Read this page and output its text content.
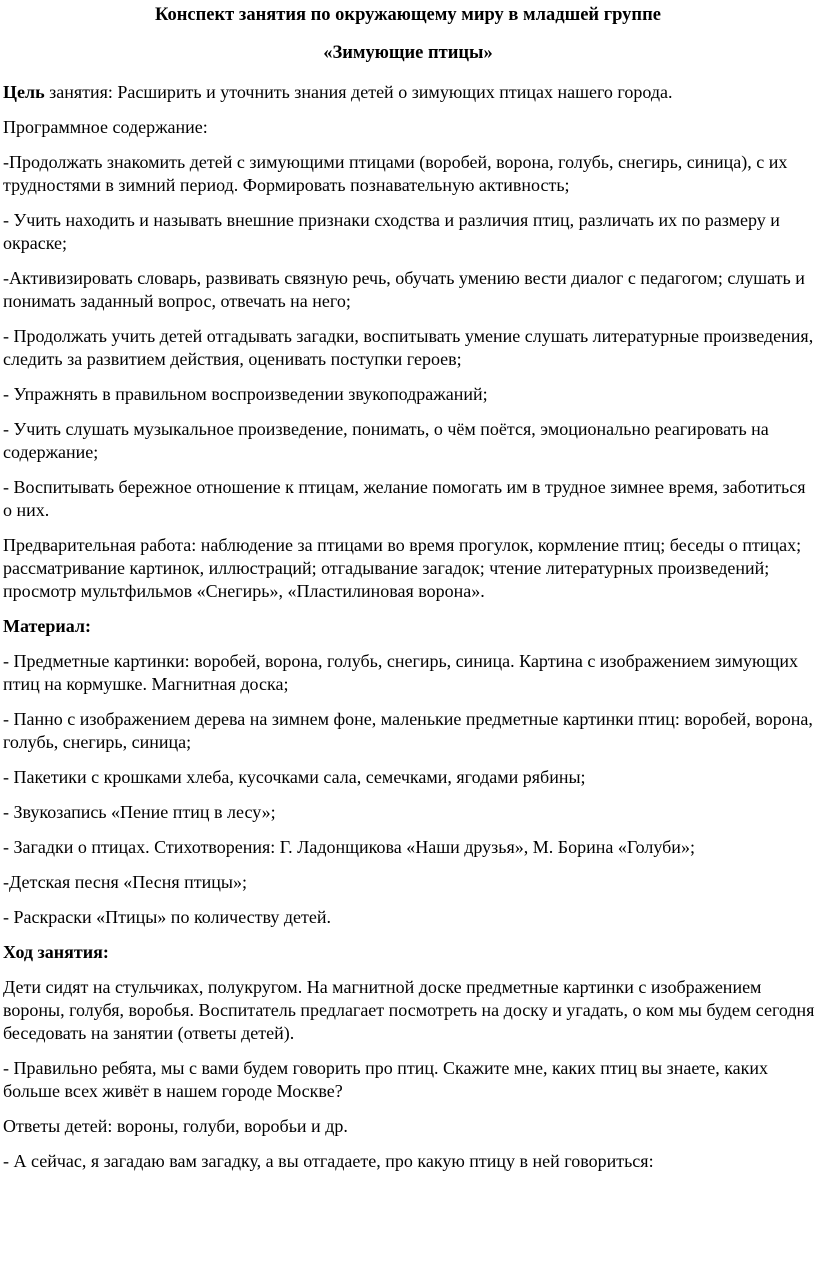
Конспект занятия по окружающему миру в младшей группе
«Зимующие птицы»

Цель занятия: Расширить и уточнить знания детей о зимующих птицах нашего города.

Программное содержание:

-Продолжать знакомить детей с зимующими птицами (воробей, ворона, голубь, снегирь, синица), с их трудностями в зимний период. Формировать познавательную активность;

- Учить находить и называть внешние признаки сходства и различия птиц, различать их по размеру и окраске;

-Активизировать словарь, развивать связную речь, обучать умению вести диалог с педагогом; слушать и понимать заданный вопрос, отвечать на него;

- Продолжать учить детей отгадывать загадки, воспитывать умение слушать литературные произведения, следить за развитием действия, оценивать поступки героев;

- Упражнять в правильном воспроизведении звукоподражаний;

- Учить слушать музыкальное произведение, понимать, о чём поётся, эмоционально реагировать на содержание;

- Воспитывать бережное отношение к птицам, желание помогать им в трудное зимнее время, заботиться о них.

Предварительная работа: наблюдение за птицами во время прогулок, кормление птиц; беседы о птицах; рассматривание картинок, иллюстраций; отгадывание загадок; чтение литературных произведений; просмотр мультфильмов «Снегирь», «Пластилиновая ворона».

Материал:

- Предметные картинки: воробей, ворона, голубь, снегирь, синица. Картина с изображением зимующих птиц на кормушке. Магнитная доска;

- Панно с изображением дерева на зимнем фоне, маленькие предметные картинки птиц: воробей, ворона, голубь, снегирь, синица;

- Пакетики с крошками хлеба, кусочками сала, семечками, ягодами рябины;

- Звукозапись «Пение птиц в лесу»;

- Загадки о птицах. Стихотворения: Г. Ладонщикова «Наши друзья», М. Борина «Голуби»;

-Детская песня «Песня птицы»;

- Раскраски «Птицы» по количеству детей.

Ход занятия:

Дети сидят на стульчиках, полукругом. На магнитной доске предметные картинки с изображением вороны, голубя, воробья. Воспитатель предлагает посмотреть на доску и угадать, о ком мы будем сегодня беседовать на занятии (ответы детей).

- Правильно ребята, мы с вами будем говорить про птиц. Скажите мне, каких птиц вы знаете, каких больше всех живёт в нашем городе Москве?

Ответы детей: вороны, голуби, воробьи и др.

- А сейчас, я загадаю вам загадку, а вы отгадаете, про какую птицу в ней говориться:
